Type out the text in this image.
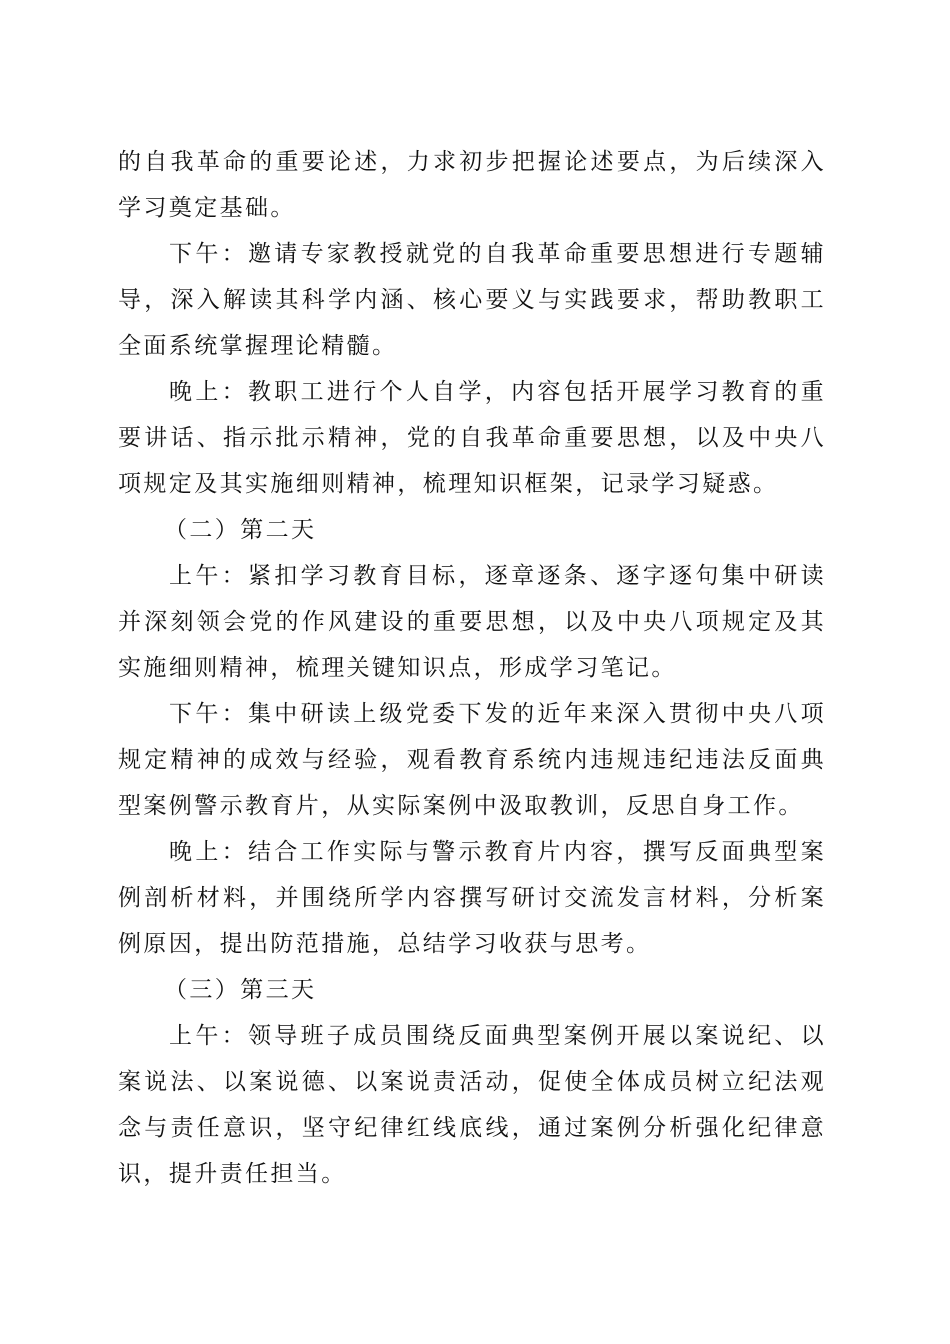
的自我革命的重要论述，力求初步把握论述要点，为后续深入学习奠定基础。

下午：邀请专家教授就党的自我革命重要思想进行专题辅导，深入解读其科学内涵、核心要义与实践要求，帮助教职工全面系统掌握理论精髓。

晚上：教职工进行个人自学，内容包括开展学习教育的重要讲话、指示批示精神，党的自我革命重要思想，以及中央八项规定及其实施细则精神，梳理知识框架，记录学习疑惑。

（二）第二天

上午：紧扣学习教育目标，逐章逐条、逐字逐句集中研读并深刻领会党的作风建设的重要思想，以及中央八项规定及其实施细则精神，梳理关键知识点，形成学习笔记。

下午：集中研读上级党委下发的近年来深入贯彻中央八项规定精神的成效与经验，观看教育系统内违规违纪违法反面典型案例警示教育片，从实际案例中汲取教训，反思自身工作。

晚上：结合工作实际与警示教育片内容，撰写反面典型案例剖析材料，并围绕所学内容撰写研讨交流发言材料，分析案例原因，提出防范措施，总结学习收获与思考。

（三）第三天

上午：领导班子成员围绕反面典型案例开展以案说纪、以案说法、以案说德、以案说责活动，促使全体成员树立纪法观念与责任意识，坚守纪律红线底线，通过案例分析强化纪律意识，提升责任担当。
